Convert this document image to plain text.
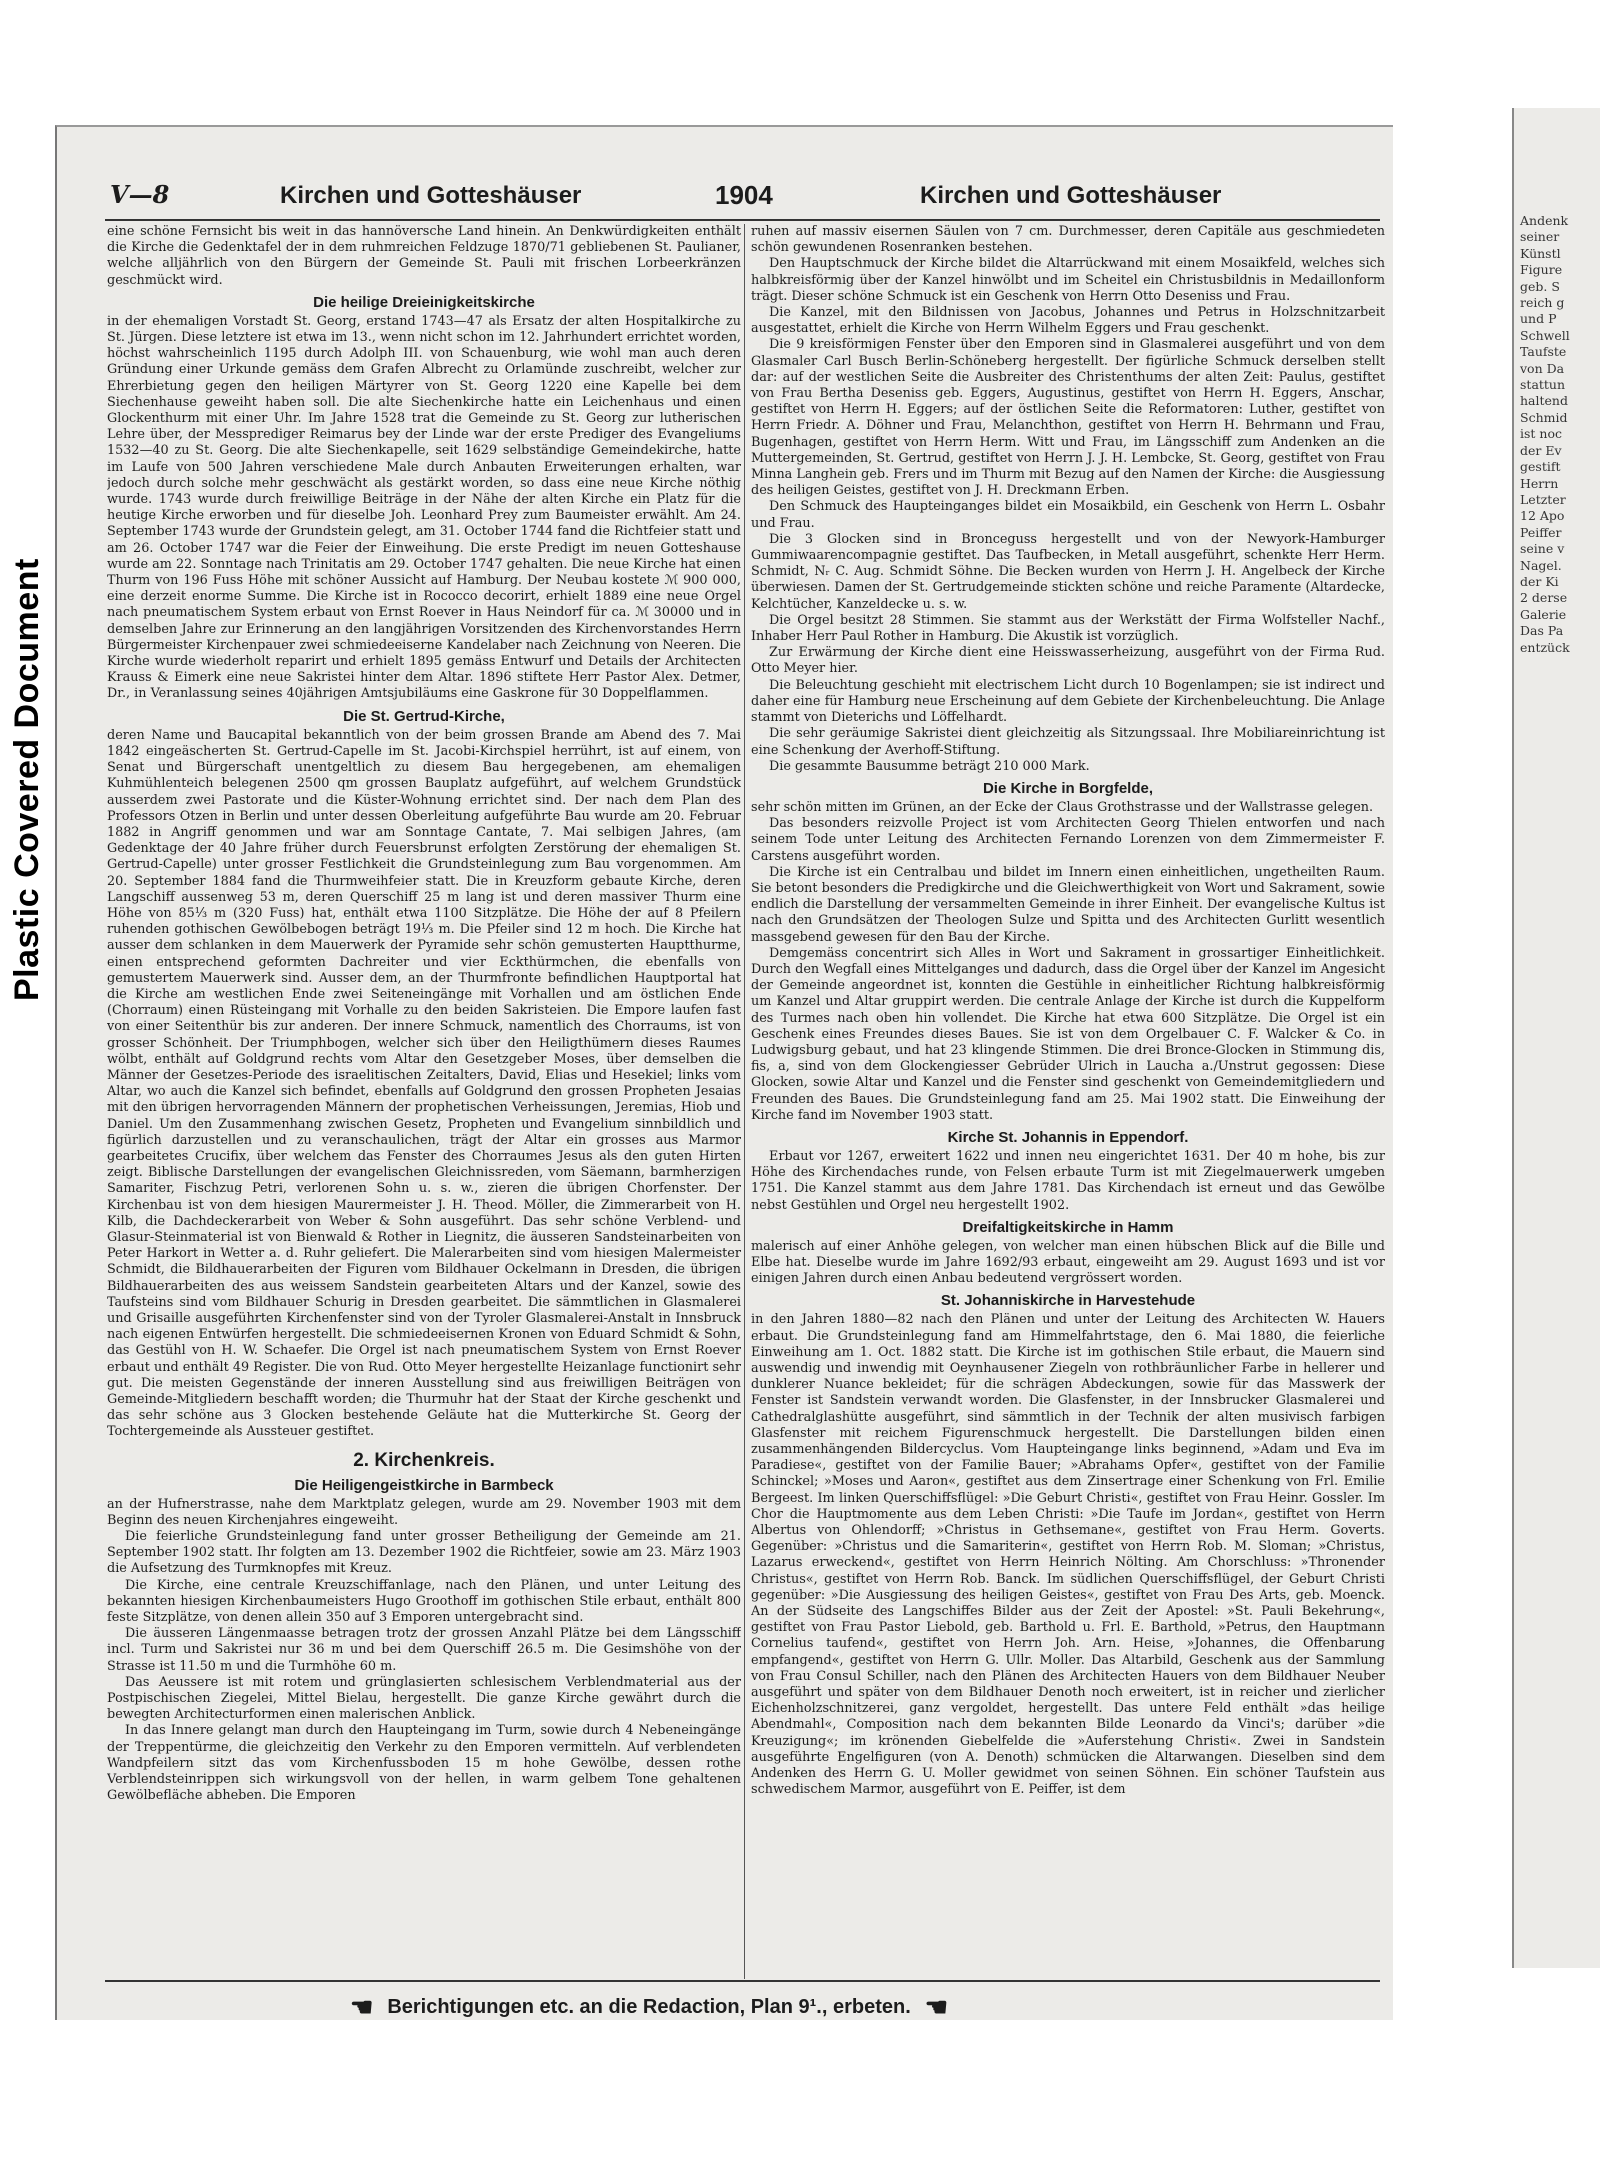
Plastic Covered Document
Andenk
seiner
Künstl
Figure
geb. S
reich g
und P
Schwell
Taufste
von Da
stattun
haltend
Schmid
ist noc
der Ev
gestift
Herrn
Letzter
12 Apo
Peiffer
seine v
Nagel.
der Ki
2 derse
Galerie
Das Pa
entzück
V—8	Kirchen und Gotteshäuser	1904	Kirchen und Gotteshäuser

eine schöne Fernsicht bis weit in das hannöversche Land hinein. An Denkwürdigkeiten enthält die Kirche die Gedenktafel der in dem ruhmreichen Feldzuge 1870/71 gebliebenen St. Paulianer, welche alljährlich von den Bürgern der Gemeinde St. Pauli mit frischen Lorbeerkränzen geschmückt wird.

Die heilige Dreieinigkeitskirche

in der ehemaligen Vorstadt St. Georg, erstand 1743—47 als Ersatz der alten Hospitalkirche zu St. Jürgen. Diese letztere ist etwa im 13., wenn nicht schon im 12. Jahrhundert errichtet worden, höchst wahrscheinlich 1195 durch Adolph III. von Schauenburg, wie wohl man auch deren Gründung einer Urkunde gemäss dem Grafen Albrecht zu Orlamünde zuschreibt, welcher zur Ehrerbietung gegen den heiligen Märtyrer von St. Georg 1220 eine Kapelle bei dem Siechenhause geweiht haben soll. Die alte Siechenkirche hatte ein Leichenhaus und einen Glockenthurm mit einer Uhr. Im Jahre 1528 trat die Gemeinde zu St. Georg zur lutherischen Lehre über, der Messprediger Reimarus bey der Linde war der erste Prediger des Evangeliums 1532—40 zu St. Georg. Die alte Siechenkapelle, seit 1629 selbständige Gemeindekirche, hatte im Laufe von 500 Jahren verschiedene Male durch Anbauten Erweiterungen erhalten, war jedoch durch solche mehr geschwächt als gestärkt worden, so dass eine neue Kirche nöthig wurde. 1743 wurde durch freiwillige Beiträge in der Nähe der alten Kirche ein Platz für die heutige Kirche erworben und für dieselbe Joh. Leonhard Prey zum Baumeister erwählt. Am 24. September 1743 wurde der Grundstein gelegt, am 31. October 1744 fand die Richtfeier statt und am 26. October 1747 war die Feier der Einweihung. Die erste Predigt im neuen Gotteshause wurde am 22. Sonntage nach Trinitatis am 29. October 1747 gehalten. Die neue Kirche hat einen Thurm von 196 Fuss Höhe mit schöner Aussicht auf Hamburg. Der Neubau kostete ℳ 900 000, eine derzeit enorme Summe. Die Kirche ist in Rococco decorirt, erhielt 1889 eine neue Orgel nach pneumatischem System erbaut von Ernst Roever in Haus Neindorf für ca. ℳ 30000 und in demselben Jahre zur Erinnerung an den langjährigen Vorsitzenden des Kirchenvorstandes Herrn Bürgermeister Kirchenpauer zwei schmiedeeiserne Kandelaber nach Zeichnung von Neeren. Die Kirche wurde wiederholt reparirt und erhielt 1895 gemäss Entwurf und Details der Architecten Krauss & Eimerk eine neue Sakristei hinter dem Altar. 1896 stiftete Herr Pastor Alex. Detmer, Dr., in Veranlassung seines 40jährigen Amtsjubiläums eine Gaskrone für 30 Doppelflammen.

Die St. Gertrud-Kirche,

deren Name und Baucapital bekanntlich von der beim grossen Brande am Abend des 7. Mai 1842 eingeäscherten St. Gertrud-Capelle im St. Jacobi-Kirchspiel herrührt, ist auf einem, von Senat und Bürgerschaft unentgeltlich zu diesem Bau hergegebenen, am ehemaligen Kuhmühlenteich belegenen 2500 qm grossen Bauplatz aufgeführt, auf welchem Grundstück ausserdem zwei Pastorate und die Küster-Wohnung errichtet sind. Der nach dem Plan des Professors Otzen in Berlin und unter dessen Oberleitung aufgeführte Bau wurde am 20. Februar 1882 in Angriff genommen und war am Sonntage Cantate, 7. Mai selbigen Jahres, (am Gedenktage der 40 Jahre früher durch Feuersbrunst erfolgten Zerstörung der ehemaligen St. Gertrud-Capelle) unter grosser Festlichkeit die Grundsteinlegung zum Bau vorgenommen. Am 20. September 1884 fand die Thurmweihfeier statt. Die in Kreuzform gebaute Kirche, deren Langschiff aussenweg 53 m, deren Querschiff 25 m lang ist und deren massiver Thurm eine Höhe von 85⅓ m (320 Fuss) hat, enthält etwa 1100 Sitzplätze. Die Höhe der auf 8 Pfeilern ruhenden gothischen Gewölbebogen beträgt 19⅓ m. Die Pfeiler sind 12 m hoch. Die Kirche hat ausser dem schlanken in dem Mauerwerk der Pyramide sehr schön gemusterten Hauptthurme, einen entsprechend geformten Dachreiter und vier Eckthürmchen, die ebenfalls von gemustertem Mauerwerk sind. Ausser dem, an der Thurmfronte befindlichen Hauptportal hat die Kirche am westlichen Ende zwei Seiteneingänge mit Vorhallen und am östlichen Ende (Chorraum) einen Rüsteingang mit Vorhalle zu den beiden Sakristeien. Die Empore laufen fast von einer Seitenthür bis zur anderen. Der innere Schmuck, namentlich des Chorraums, ist von grosser Schönheit. Der Triumphbogen, welcher sich über den Heiligthümern dieses Raumes wölbt, enthält auf Goldgrund rechts vom Altar den Gesetzgeber Moses, über demselben die Männer der Gesetzes-Periode des israelitischen Zeitalters, David, Elias und Hesekiel; links vom Altar, wo auch die Kanzel sich befindet, ebenfalls auf Goldgrund den grossen Propheten Jesaias mit den übrigen hervorragenden Männern der prophetischen Verheissungen, Jeremias, Hiob und Daniel. Um den Zusammenhang zwischen Gesetz, Propheten und Evangelium sinnbildlich und figürlich darzustellen und zu veranschaulichen, trägt der Altar ein grosses aus Marmor gearbeitetes Crucifix, über welchem das Fenster des Chorraumes Jesus als den guten Hirten zeigt. Biblische Darstellungen der evangelischen Gleichnissreden, vom Säemann, barmherzigen Samariter, Fischzug Petri, verlorenen Sohn u. s. w., zieren die übrigen Chorfenster. Der Kirchenbau ist von dem hiesigen Maurermeister J. H. Theod. Möller, die Zimmerarbeit von H. Kilb, die Dachdeckerarbeit von Weber & Sohn ausgeführt. Das sehr schöne Verblend- und Glasur-Steinmaterial ist von Bienwald & Rother in Liegnitz, die äusseren Sandsteinarbeiten von Peter Harkort in Wetter a. d. Ruhr geliefert. Die Malerarbeiten sind vom hiesigen Malermeister Schmidt, die Bildhauerarbeiten der Figuren vom Bildhauer Ockelmann in Dresden, die übrigen Bildhauerarbeiten des aus weissem Sandstein gearbeiteten Altars und der Kanzel, sowie des Taufsteins sind vom Bildhauer Schurig in Dresden gearbeitet. Die sämmtlichen in Glasmalerei und Grisaille ausgeführten Kirchenfenster sind von der Tyroler Glasmalerei-Anstalt in Innsbruck nach eigenen Entwürfen hergestellt. Die schmiedeeisernen Kronen von Eduard Schmidt & Sohn, das Gestühl von H. W. Schaefer. Die Orgel ist nach pneumatischem System von Ernst Roever erbaut und enthält 49 Register. Die von Rud. Otto Meyer hergestellte Heizanlage functionirt sehr gut. Die meisten Gegenstände der inneren Ausstellung sind aus freiwilligen Beiträgen von Gemeinde-Mitgliedern beschafft worden; die Thurmuhr hat der Staat der Kirche geschenkt und das sehr schöne aus 3 Glocken bestehende Geläute hat die Mutterkirche St. Georg der Tochtergemeinde als Aussteuer gestiftet.

2. Kirchenkreis.
Die Heiligengeistkirche in Barmbeck

an der Hufnerstrasse, nahe dem Marktplatz gelegen, wurde am 29. November 1903 mit dem Beginn des neuen Kirchenjahres eingeweiht.

Die feierliche Grundsteinlegung fand unter grosser Betheiligung der Gemeinde am 21. September 1902 statt. Ihr folgten am 13. Dezember 1902 die Richtfeier, sowie am 23. März 1903 die Aufsetzung des Turmknopfes mit Kreuz.

Die Kirche, eine centrale Kreuzschiffanlage, nach den Plänen, und unter Leitung des bekannten hiesigen Kirchenbaumeisters Hugo Groothoff im gothischen Stile erbaut, enthält 800 feste Sitzplätze, von denen allein 350 auf 3 Emporen untergebracht sind.

Die äusseren Längenmaasse betragen trotz der grossen Anzahl Plätze bei dem Längsschiff incl. Turm und Sakristei nur 36 m und bei dem Querschiff 26.5 m. Die Gesimshöhe von der Strasse ist 11.50 m und die Turmhöhe 60 m.

Das Aeussere ist mit rotem und grünglasierten schlesischem Verblendmaterial aus der Postpischischen Ziegelei, Mittel Bielau, hergestellt. Die ganze Kirche gewährt durch die bewegten Architecturformen einen malerischen Anblick.

In das Innere gelangt man durch den Haupteingang im Turm, sowie durch 4 Nebeneingänge der Treppentürme, die gleichzeitig den Verkehr zu den Emporen vermitteln. Auf verblendeten Wandpfeilern sitzt das vom Kirchenfussboden 15 m hohe Gewölbe, dessen rothe Verblendsteinrippen sich wirkungsvoll von der hellen, in warm gelbem Tone gehaltenen Gewölbefläche abheben. Die Emporen

ruhen auf massiv eisernen Säulen von 7 cm. Durchmesser, deren Capitäle aus geschmiedeten schön gewundenen Rosenranken bestehen.

Den Hauptschmuck der Kirche bildet die Altarrückwand mit einem Mosaikfeld, welches sich halbkreisförmig über der Kanzel hinwölbt und im Scheitel ein Christusbildnis in Medaillonform trägt. Dieser schöne Schmuck ist ein Geschenk von Herrn Otto Deseniss und Frau.

Die Kanzel, mit den Bildnissen von Jacobus, Johannes und Petrus in Holzschnitzarbeit ausgestattet, erhielt die Kirche von Herrn Wilhelm Eggers und Frau geschenkt.

Die 9 kreisförmigen Fenster über den Emporen sind in Glasmalerei ausgeführt und von dem Glasmaler Carl Busch Berlin-Schöneberg hergestellt. Der figürliche Schmuck derselben stellt dar: auf der westlichen Seite die Ausbreiter des Christenthums der alten Zeit: Paulus, gestiftet von Frau Bertha Deseniss geb. Eggers, Augustinus, gestiftet von Herrn H. Eggers, Anschar, gestiftet von Herrn H. Eggers; auf der östlichen Seite die Reformatoren: Luther, gestiftet von Herrn Friedr. A. Döhner und Frau, Melanchthon, gestiftet von Herrn H. Behrmann und Frau, Bugenhagen, gestiftet von Herrn Herm. Witt und Frau, im Längsschiff zum Andenken an die Muttergemeinden, St. Gertrud, gestiftet von Herrn J. J. H. Lembcke, St. Georg, gestiftet von Frau Minna Langhein geb. Frers und im Thurm mit Bezug auf den Namen der Kirche: die Ausgiessung des heiligen Geistes, gestiftet von J. H. Dreckmann Erben.

Den Schmuck des Haupteinganges bildet ein Mosaikbild, ein Geschenk von Herrn L. Osbahr und Frau.

Die 3 Glocken sind in Bronceguss hergestellt und von der Newyork-Hamburger Gummiwaarencompagnie gestiftet. Das Taufbecken, in Metall ausgeführt, schenkte Herr Herm. Schmidt, Nᵣ C. Aug. Schmidt Söhne. Die Becken wurden von Herrn J. H. Angelbeck der Kirche überwiesen. Damen der St. Gertrudgemeinde stickten schöne und reiche Paramente (Altardecke, Kelchtücher, Kanzeldecke u. s. w.

Die Orgel besitzt 28 Stimmen. Sie stammt aus der Werkstätt der Firma Wolfsteller Nachf., Inhaber Herr Paul Rother in Hamburg. Die Akustik ist vorzüglich.

Zur Erwärmung der Kirche dient eine Heisswasserheizung, ausgeführt von der Firma Rud. Otto Meyer hier.

Die Beleuchtung geschieht mit electrischem Licht durch 10 Bogenlampen; sie ist indirect und daher eine für Hamburg neue Erscheinung auf dem Gebiete der Kirchenbeleuchtung. Die Anlage stammt von Dieterichs und Löffelhardt.

Die sehr geräumige Sakristei dient gleichzeitig als Sitzungssaal. Ihre Mobiliareinrichtung ist eine Schenkung der Averhoff-Stiftung.

Die gesammte Bausumme beträgt 210 000 Mark.

Die Kirche in Borgfelde,

sehr schön mitten im Grünen, an der Ecke der Claus Grothstrasse und der Wallstrasse gelegen.

Das besonders reizvolle Project ist vom Architecten Georg Thielen entworfen und nach seinem Tode unter Leitung des Architecten Fernando Lorenzen von dem Zimmermeister F. Carstens ausgeführt worden.

Die Kirche ist ein Centralbau und bildet im Innern einen einheitlichen, ungetheilten Raum. Sie betont besonders die Predigkirche und die Gleichwerthigkeit von Wort und Sakrament, sowie endlich die Darstellung der versammelten Gemeinde in ihrer Einheit. Der evangelische Kultus ist nach den Grundsätzen der Theologen Sulze und Spitta und des Architecten Gurlitt wesentlich massgebend gewesen für den Bau der Kirche.

Demgemäss concentrirt sich Alles in Wort und Sakrament in grossartiger Einheitlichkeit. Durch den Wegfall eines Mittelganges und dadurch, dass die Orgel über der Kanzel im Angesicht der Gemeinde angeordnet ist, konnten die Gestühle in einheitlicher Richtung halbkreisförmig um Kanzel und Altar gruppirt werden. Die centrale Anlage der Kirche ist durch die Kuppelform des Turmes nach oben hin vollendet. Die Kirche hat etwa 600 Sitzplätze. Die Orgel ist ein Geschenk eines Freundes dieses Baues. Sie ist von dem Orgelbauer C. F. Walcker & Co. in Ludwigsburg gebaut, und hat 23 klingende Stimmen. Die drei Bronce-Glocken in Stimmung dis, fis, a, sind von dem Glockengiesser Gebrüder Ulrich in Laucha a./Unstrut gegossen: Diese Glocken, sowie Altar und Kanzel und die Fenster sind geschenkt von Gemeindemitgliedern und Freunden des Baues. Die Grundsteinlegung fand am 25. Mai 1902 statt. Die Einweihung der Kirche fand im November 1903 statt.

Kirche St. Johannis in Eppendorf.

Erbaut vor 1267, erweitert 1622 und innen neu eingerichtet 1631. Der 40 m hohe, bis zur Höhe des Kirchendaches runde, von Felsen erbaute Turm ist mit Ziegelmauerwerk umgeben 1751. Die Kanzel stammt aus dem Jahre 1781. Das Kirchendach ist erneut und das Gewölbe nebst Gestühlen und Orgel neu hergestellt 1902.

Dreifaltigkeitskirche in Hamm

malerisch auf einer Anhöhe gelegen, von welcher man einen hübschen Blick auf die Bille und Elbe hat. Dieselbe wurde im Jahre 1692/93 erbaut, eingeweiht am 29. August 1693 und ist vor einigen Jahren durch einen Anbau bedeutend vergrössert worden.

St. Johanniskirche in Harvestehude

in den Jahren 1880—82 nach den Plänen und unter der Leitung des Architecten W. Hauers erbaut. Die Grundsteinlegung fand am Himmelfahrtstage, den 6. Mai 1880, die feierliche Einweihung am 1. Oct. 1882 statt. Die Kirche ist im gothischen Stile erbaut, die Mauern sind auswendig und inwendig mit Oeynhausener Ziegeln von rothbräunlicher Farbe in hellerer und dunklerer Nuance bekleidet; für die schrägen Abdeckungen, sowie für das Masswerk der Fenster ist Sandstein verwandt worden. Die Glasfenster, in der Innsbrucker Glasmalerei und Cathedralglashütte ausgeführt, sind sämmtlich in der Technik der alten musivisch farbigen Glasfenster mit reichem Figurenschmuck hergestellt. Die Darstellungen bilden einen zusammenhängenden Bildercyclus. Vom Haupteingange links beginnend, »Adam und Eva im Paradiese«, gestiftet von der Familie Bauer; »Abrahams Opfer«, gestiftet von der Familie Schinckel; »Moses und Aaron«, gestiftet aus dem Zinsertrage einer Schenkung von Frl. Emilie Bergeest. Im linken Querschiffsflügel: »Die Geburt Christi«, gestiftet von Frau Heinr. Gossler. Im Chor die Hauptmomente aus dem Leben Christi: »Die Taufe im Jordan«, gestiftet von Herrn Albertus von Ohlendorff; »Christus in Gethsemane«, gestiftet von Frau Herm. Goverts. Gegenüber: »Christus und die Samariterin«, gestiftet von Herrn Rob. M. Sloman; »Christus, Lazarus erweckend«, gestiftet von Herrn Heinrich Nölting. Am Chorschluss: »Thronender Christus«, gestiftet von Herrn Rob. Banck. Im südlichen Querschiffsflügel, der Geburt Christi gegenüber: »Die Ausgiessung des heiligen Geistes«, gestiftet von Frau Des Arts, geb. Moenck. An der Südseite des Langschiffes Bilder aus der Zeit der Apostel: »St. Pauli Bekehrung«, gestiftet von Frau Pastor Liebold, geb. Barthold u. Frl. E. Barthold, »Petrus, den Hauptmann Cornelius taufend«, gestiftet von Herrn Joh. Arn. Heise, »Johannes, die Offenbarung empfangend«, gestiftet von Herrn G. Ullr. Moller. Das Altarbild, Geschenk aus der Sammlung von Frau Consul Schiller, nach den Plänen des Architecten Hauers von dem Bildhauer Neuber ausgeführt und später von dem Bildhauer Denoth noch erweitert, ist in reicher und zierlicher Eichenholzschnitzerei, ganz vergoldet, hergestellt. Das untere Feld enthält »das heilige Abendmahl«, Composition nach dem bekannten Bilde Leonardo da Vinci's; darüber »die Kreuzigung«; im krönenden Giebelfelde die »Auferstehung Christi«. Zwei in Sandstein ausgeführte Engelfiguren (von A. Denoth) schmücken die Altarwangen. Dieselben sind dem Andenken des Herrn G. U. Moller gewidmet von seinen Söhnen. Ein schöner Taufstein aus schwedischem Marmor, ausgeführt von E. Peiffer, ist dem

☛ Berichtigungen etc. an die Redaction, Plan 9¹., erbeten. ☚
